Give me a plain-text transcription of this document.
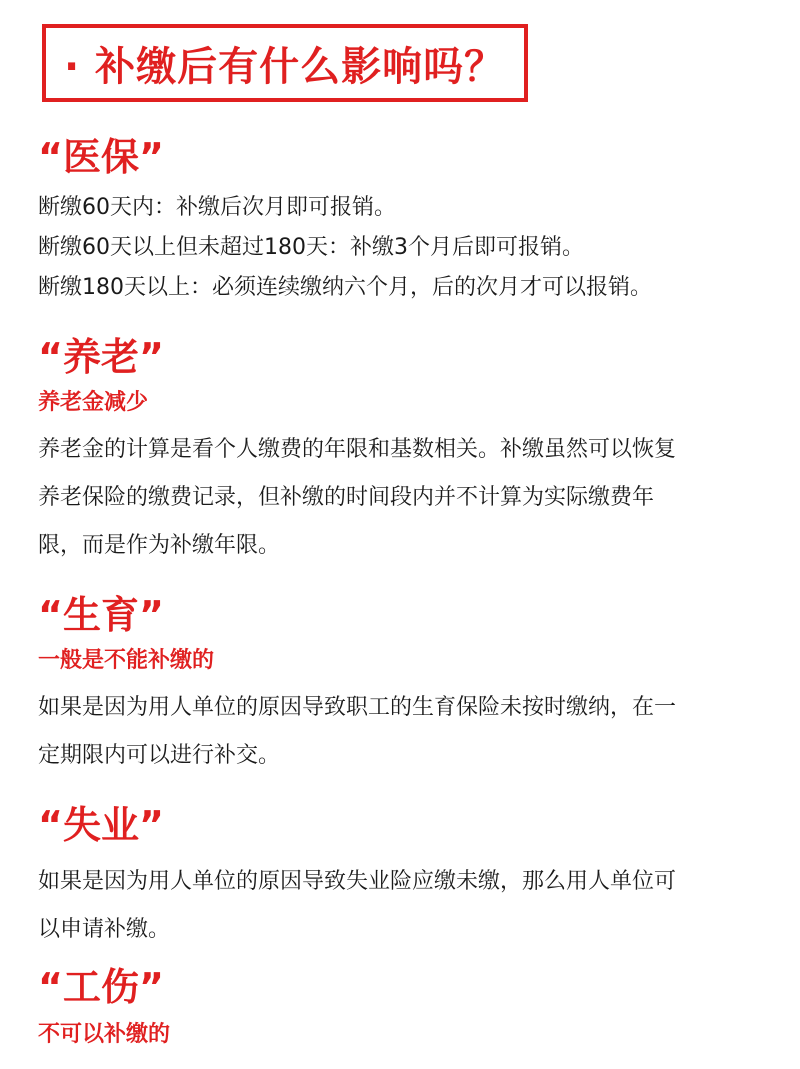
· 补缴后有什么影响吗？
“医保”

断缴60天内：补缴后次月即可报销。

断缴60天以上但未超过180天：补缴3个月后即可报销。

断缴180天以上：必须连续缴纳六个月，后的次月才可以报销。

“养老”
养老金减少

养老金的计算是看个人缴费的年限和基数相关。补缴虽然可以恢复

养老保险的缴费记录，但补缴的时间段内并不计算为实际缴费年

限，而是作为补缴年限。

“生育”
一般是不能补缴的

如果是因为用人单位的原因导致职工的生育保险未按时缴纳，在一

定期限内可以进行补交。

“失业”

如果是因为用人单位的原因导致失业险应缴未缴，那么用人单位可

以申请补缴。

“工伤”
不可以补缴的
